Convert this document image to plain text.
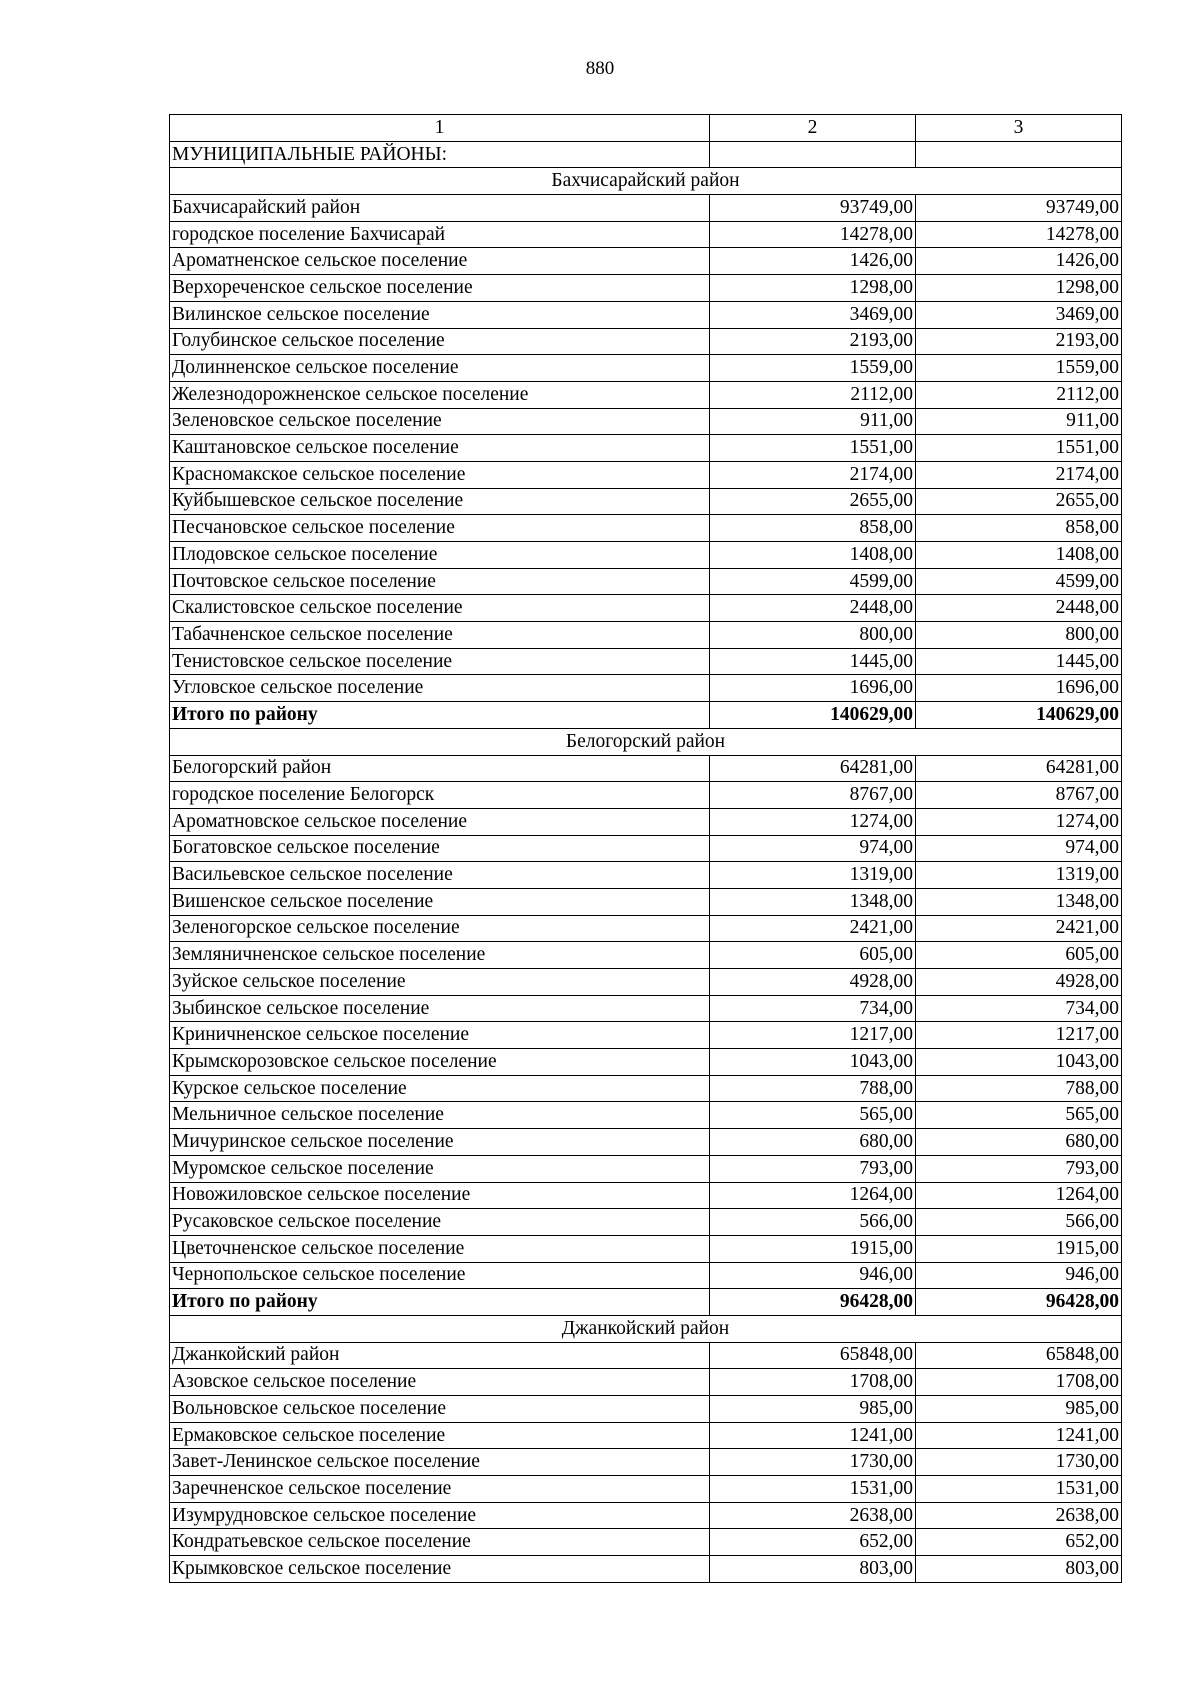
880
1	2	3
МУНИЦИПАЛЬНЫЕ РАЙОНЫ:		
Бахчисарайский район		
Бахчисарайский район	93749,00	93749,00
городское поселение Бахчисарай	14278,00	14278,00
Ароматненское сельское поселение	1426,00	1426,00
Верхореченское сельское поселение	1298,00	1298,00
Вилинское сельское поселение	3469,00	3469,00
Голубинское сельское поселение	2193,00	2193,00
Долинненское сельское поселение	1559,00	1559,00
Железнодорожненское сельское поселение	2112,00	2112,00
Зеленовское сельское поселение	911,00	911,00
Каштановское сельское поселение	1551,00	1551,00
Красномакское сельское поселение	2174,00	2174,00
Куйбышевское сельское поселение	2655,00	2655,00
Песчановское сельское поселение	858,00	858,00
Плодовское сельское поселение	1408,00	1408,00
Почтовское сельское поселение	4599,00	4599,00
Скалистовское сельское поселение	2448,00	2448,00
Табачненское сельское поселение	800,00	800,00
Тенистовское сельское поселение	1445,00	1445,00
Угловское сельское поселение	1696,00	1696,00
Итого по району	140629,00	140629,00
Белогорский район		
Белогорский район	64281,00	64281,00
городское поселение Белогорск	8767,00	8767,00
Ароматновское сельское поселение	1274,00	1274,00
Богатовское сельское поселение	974,00	974,00
Васильевское сельское поселение	1319,00	1319,00
Вишенское сельское поселение	1348,00	1348,00
Зеленогорское сельское поселение	2421,00	2421,00
Земляничненское сельское поселение	605,00	605,00
Зуйское сельское поселение	4928,00	4928,00
Зыбинское сельское поселение	734,00	734,00
Криничненское сельское поселение	1217,00	1217,00
Крымскорозовское сельское поселение	1043,00	1043,00
Курское сельское поселение	788,00	788,00
Мельничное сельское поселение	565,00	565,00
Мичуринское сельское поселение	680,00	680,00
Муромское сельское поселение	793,00	793,00
Новожиловское сельское поселение	1264,00	1264,00
Русаковское сельское поселение	566,00	566,00
Цветочненское сельское поселение	1915,00	1915,00
Чернопольское сельское поселение	946,00	946,00
Итого по району	96428,00	96428,00
Джанкойский район		
Джанкойский район	65848,00	65848,00
Азовское сельское поселение	1708,00	1708,00
Вольновское сельское поселение	985,00	985,00
Ермаковское сельское поселение	1241,00	1241,00
Завет-Ленинское сельское поселение	1730,00	1730,00
Заречненское сельское поселение	1531,00	1531,00
Изумрудновское сельское поселение	2638,00	2638,00
Кондратьевское сельское поселение	652,00	652,00
Крымковское сельское поселение	803,00	803,00
